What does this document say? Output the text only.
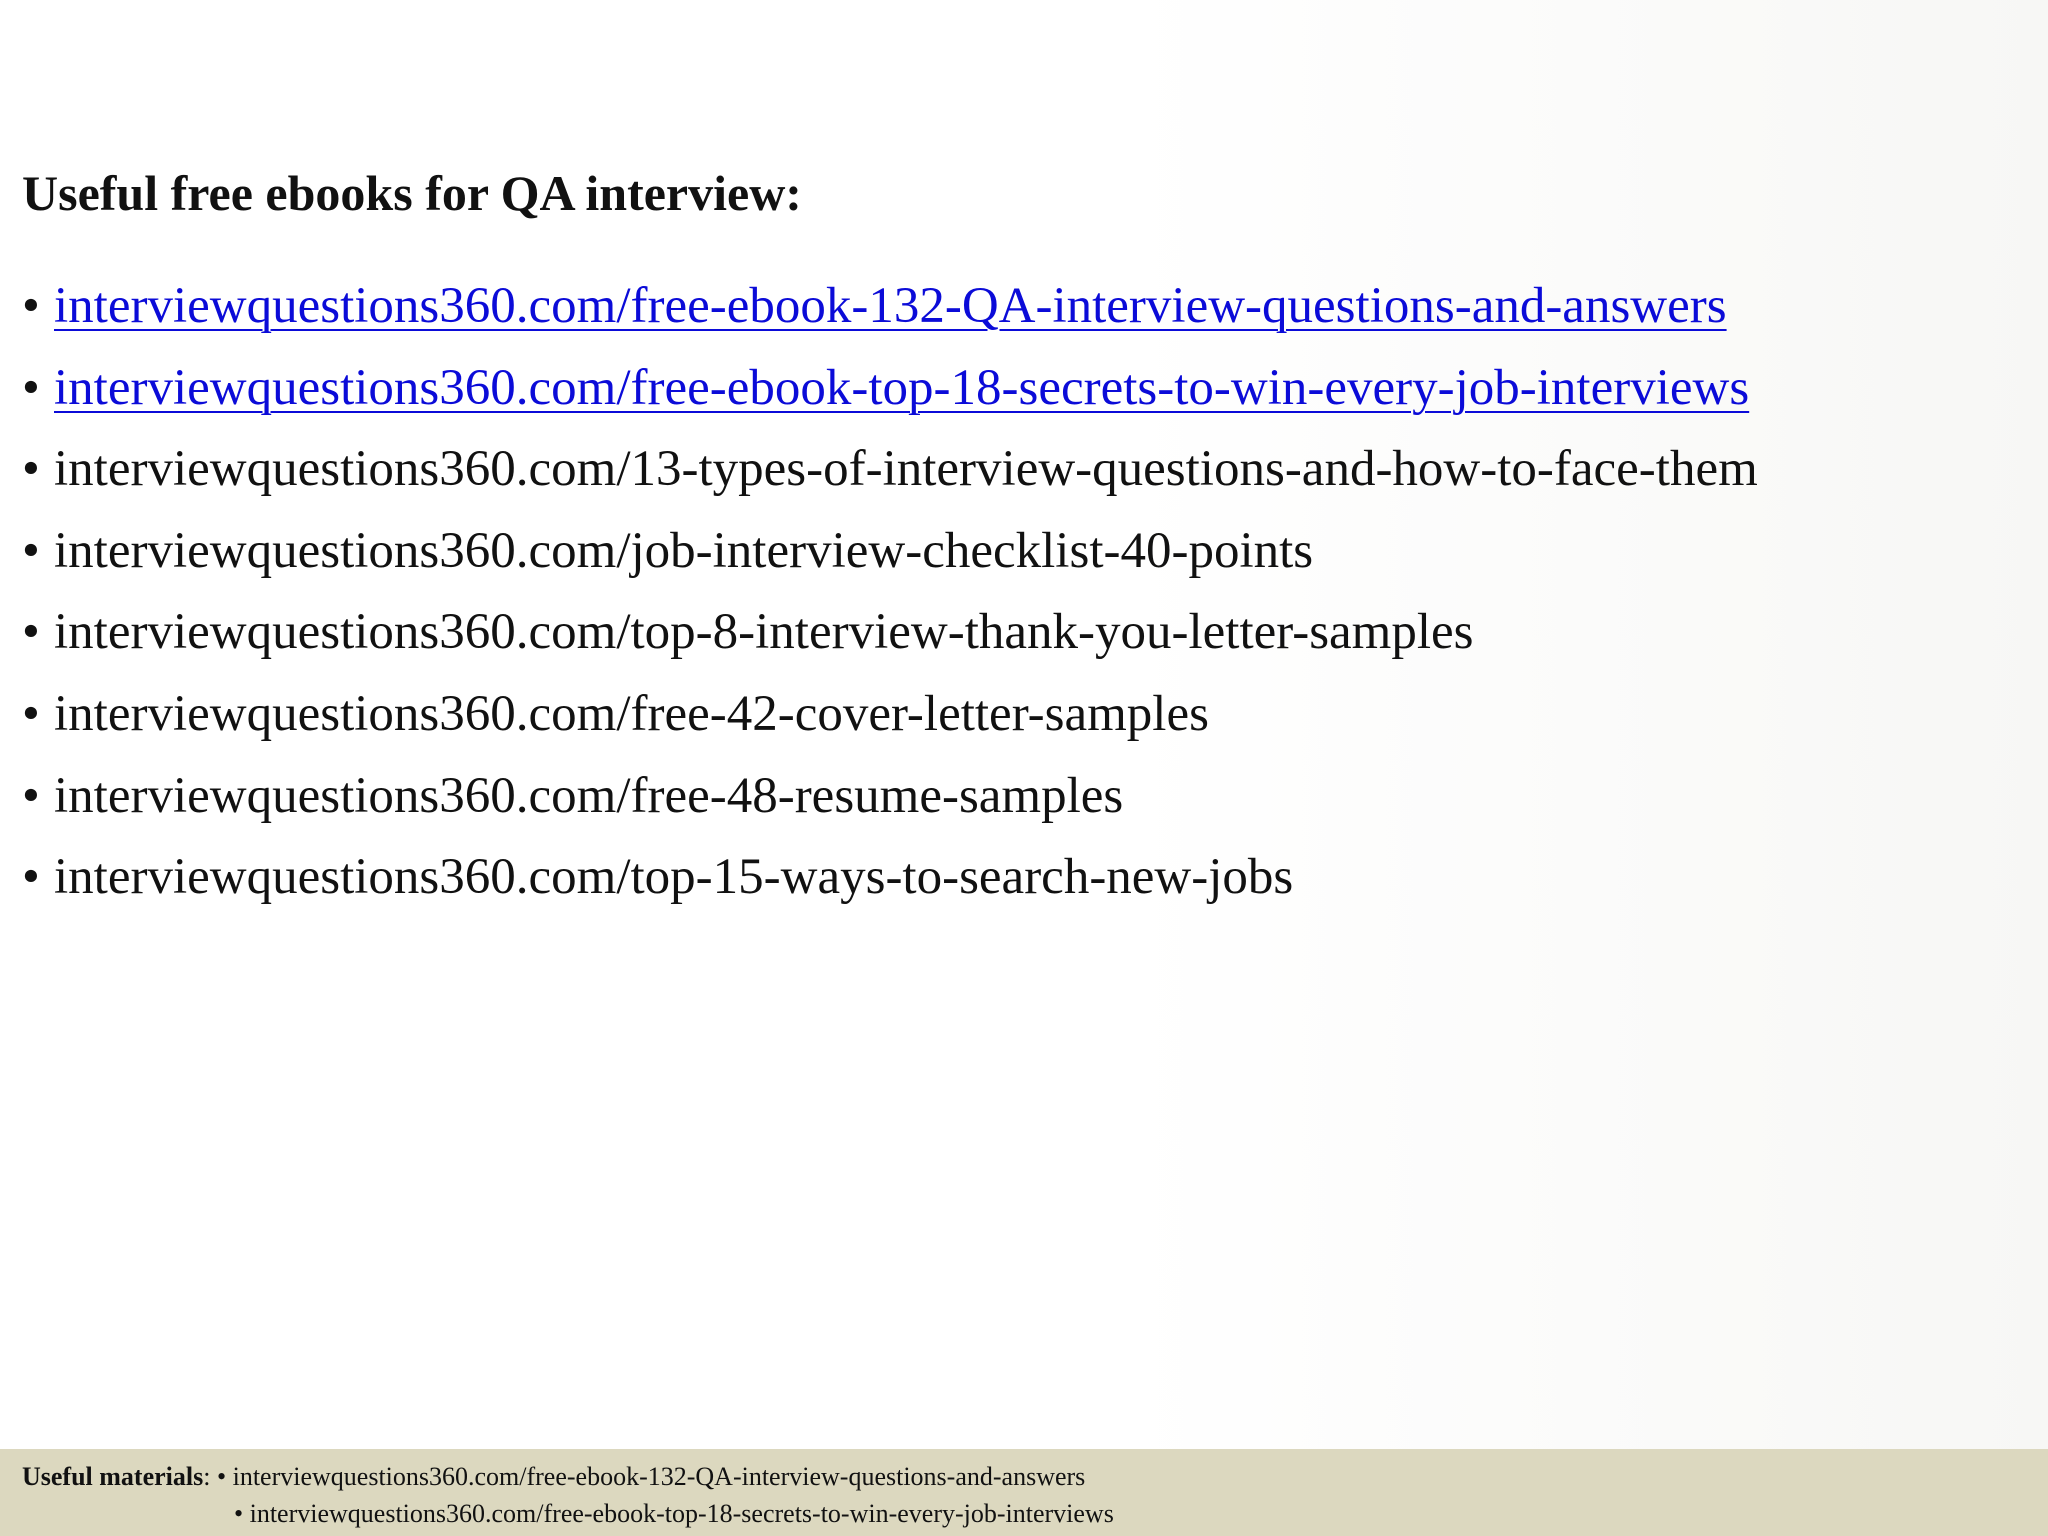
Useful free ebooks for QA interview:
• interviewquestions360.com/free-ebook-132-QA-interview-questions-and-answers
• interviewquestions360.com/free-ebook-top-18-secrets-to-win-every-job-interviews
• interviewquestions360.com/13-types-of-interview-questions-and-how-to-face-them
• interviewquestions360.com/job-interview-checklist-40-points
• interviewquestions360.com/top-8-interview-thank-you-letter-samples
• interviewquestions360.com/free-42-cover-letter-samples
• interviewquestions360.com/free-48-resume-samples
• interviewquestions360.com/top-15-ways-to-search-new-jobs
Useful materials: • interviewquestions360.com/free-ebook-132-QA-interview-questions-and-answers
• interviewquestions360.com/free-ebook-top-18-secrets-to-win-every-job-interviews
